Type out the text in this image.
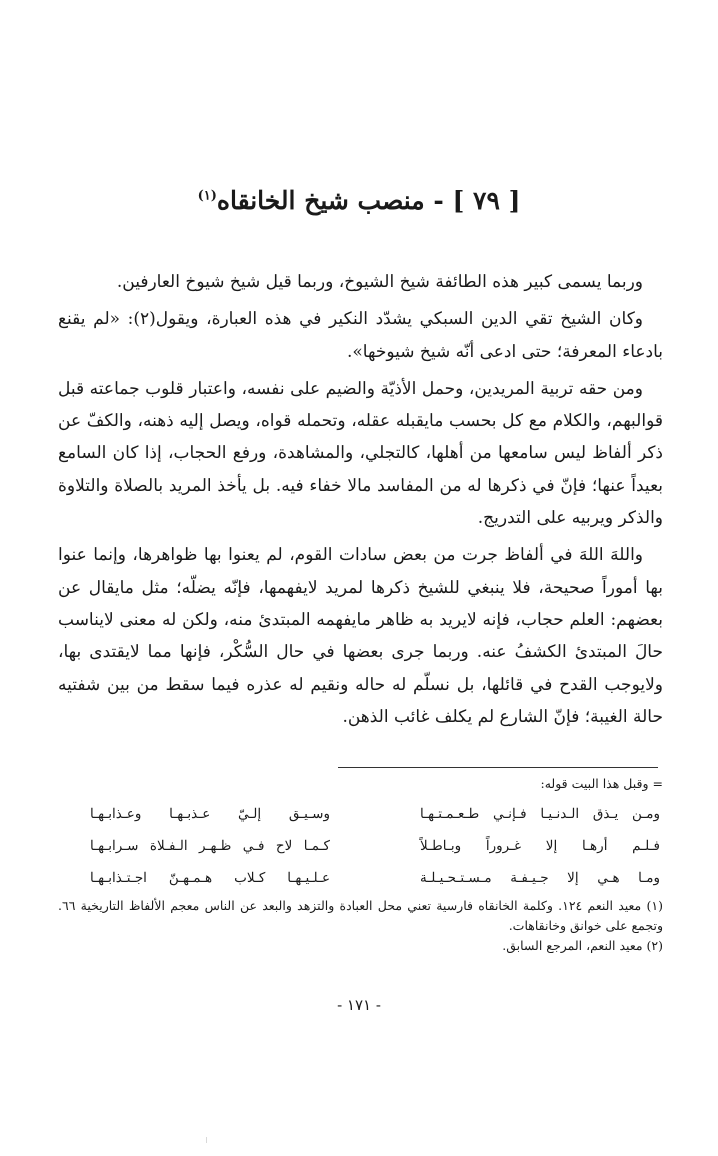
[ ٧٩ ] - منصب شيخ الخانقاه$^{(١)}$

وربما يسمى كبير هذه الطائفة شيخ الشيوخ، وربما قيل شيخ شيوخ العارفين.

وكان الشيخ تقي الدين السبكي يشدّد النكير في هذه العبارة، ويقول(٢): «لم يقنع بادعاء المعرفة؛ حتى ادعى أنّه شيخ شيوخها».

ومن حقه تربية المريدين، وحمل الأذيّة والضيم على نفسه، واعتبار قلوب جماعته قبل قوالبهم، والكلام مع كل بحسب مايقبله عقله، وتحمله قواه، ويصل إليه ذهنه، والكفّ عن ذكر ألفاظ ليس سامعها من أهلها، كالتجلي، والمشاهدة، ورفع الحجاب، إذا كان السامع بعيداً عنها؛ فإنّ في ذكرها له من المفاسد مالا خفاء فيه. بل يأخذ المريد بالصلاة والتلاوة والذكر ويربيه على التدريج.

واللهَ اللهَ في ألفاظ جرت من بعض سادات القوم، لم يعنوا بها ظواهرها، وإنما عنوا بها أموراً صحيحة، فلا ينبغي للشيخ ذكرها لمريد لايفهمها، فإنّه يضلّه؛ مثل مايقال عن بعضهم: العلم حجاب، فإنه لايريد به ظاهر مايفهمه المبتدئ منه، ولكن له معنى لايناسب حالَ المبتدئ الكشفُ عنه. وربما جرى بعضها في حال السُّكْر، فإنها مما لايقتدى بها، ولايوجب القدح في قائلها، بل نسلّم له حاله ونقيم له عذره فيما سقط من بين شفتيه حالة الغيبة؛ فإنّ الشارع لم يكلف غائب الذهن.

= وقبل هذا البيت قوله:
ومـن يـذق الـدنـيـا فـإنـي طـعـمـتـهـا
وسـيـق إلـيّ عـذبـهـا وعـذابـهـا
فـلـم أرهـا إلا غـروراً وبـاطـلاً
كـمـا لاح فـي ظـهـر الـفـلاة سـرابـهـا
ومـا هـي إلا جـيـفـة مـسـتـحـيـلـة
عـلـيـهـا كـلاب هـمـهـنّ اجـتـذابـهـا

(١) معيد النعم ١٢٤. وكلمة الخانقاه فارسية تعني محل العبادة والتزهد والبعد عن الناس معجم الألفاظ التاريخية ٦٦. وتجمع على خوانق وخانقاهات.

(٢) معيد النعم، المرجع السابق.

- ١٧١ -
